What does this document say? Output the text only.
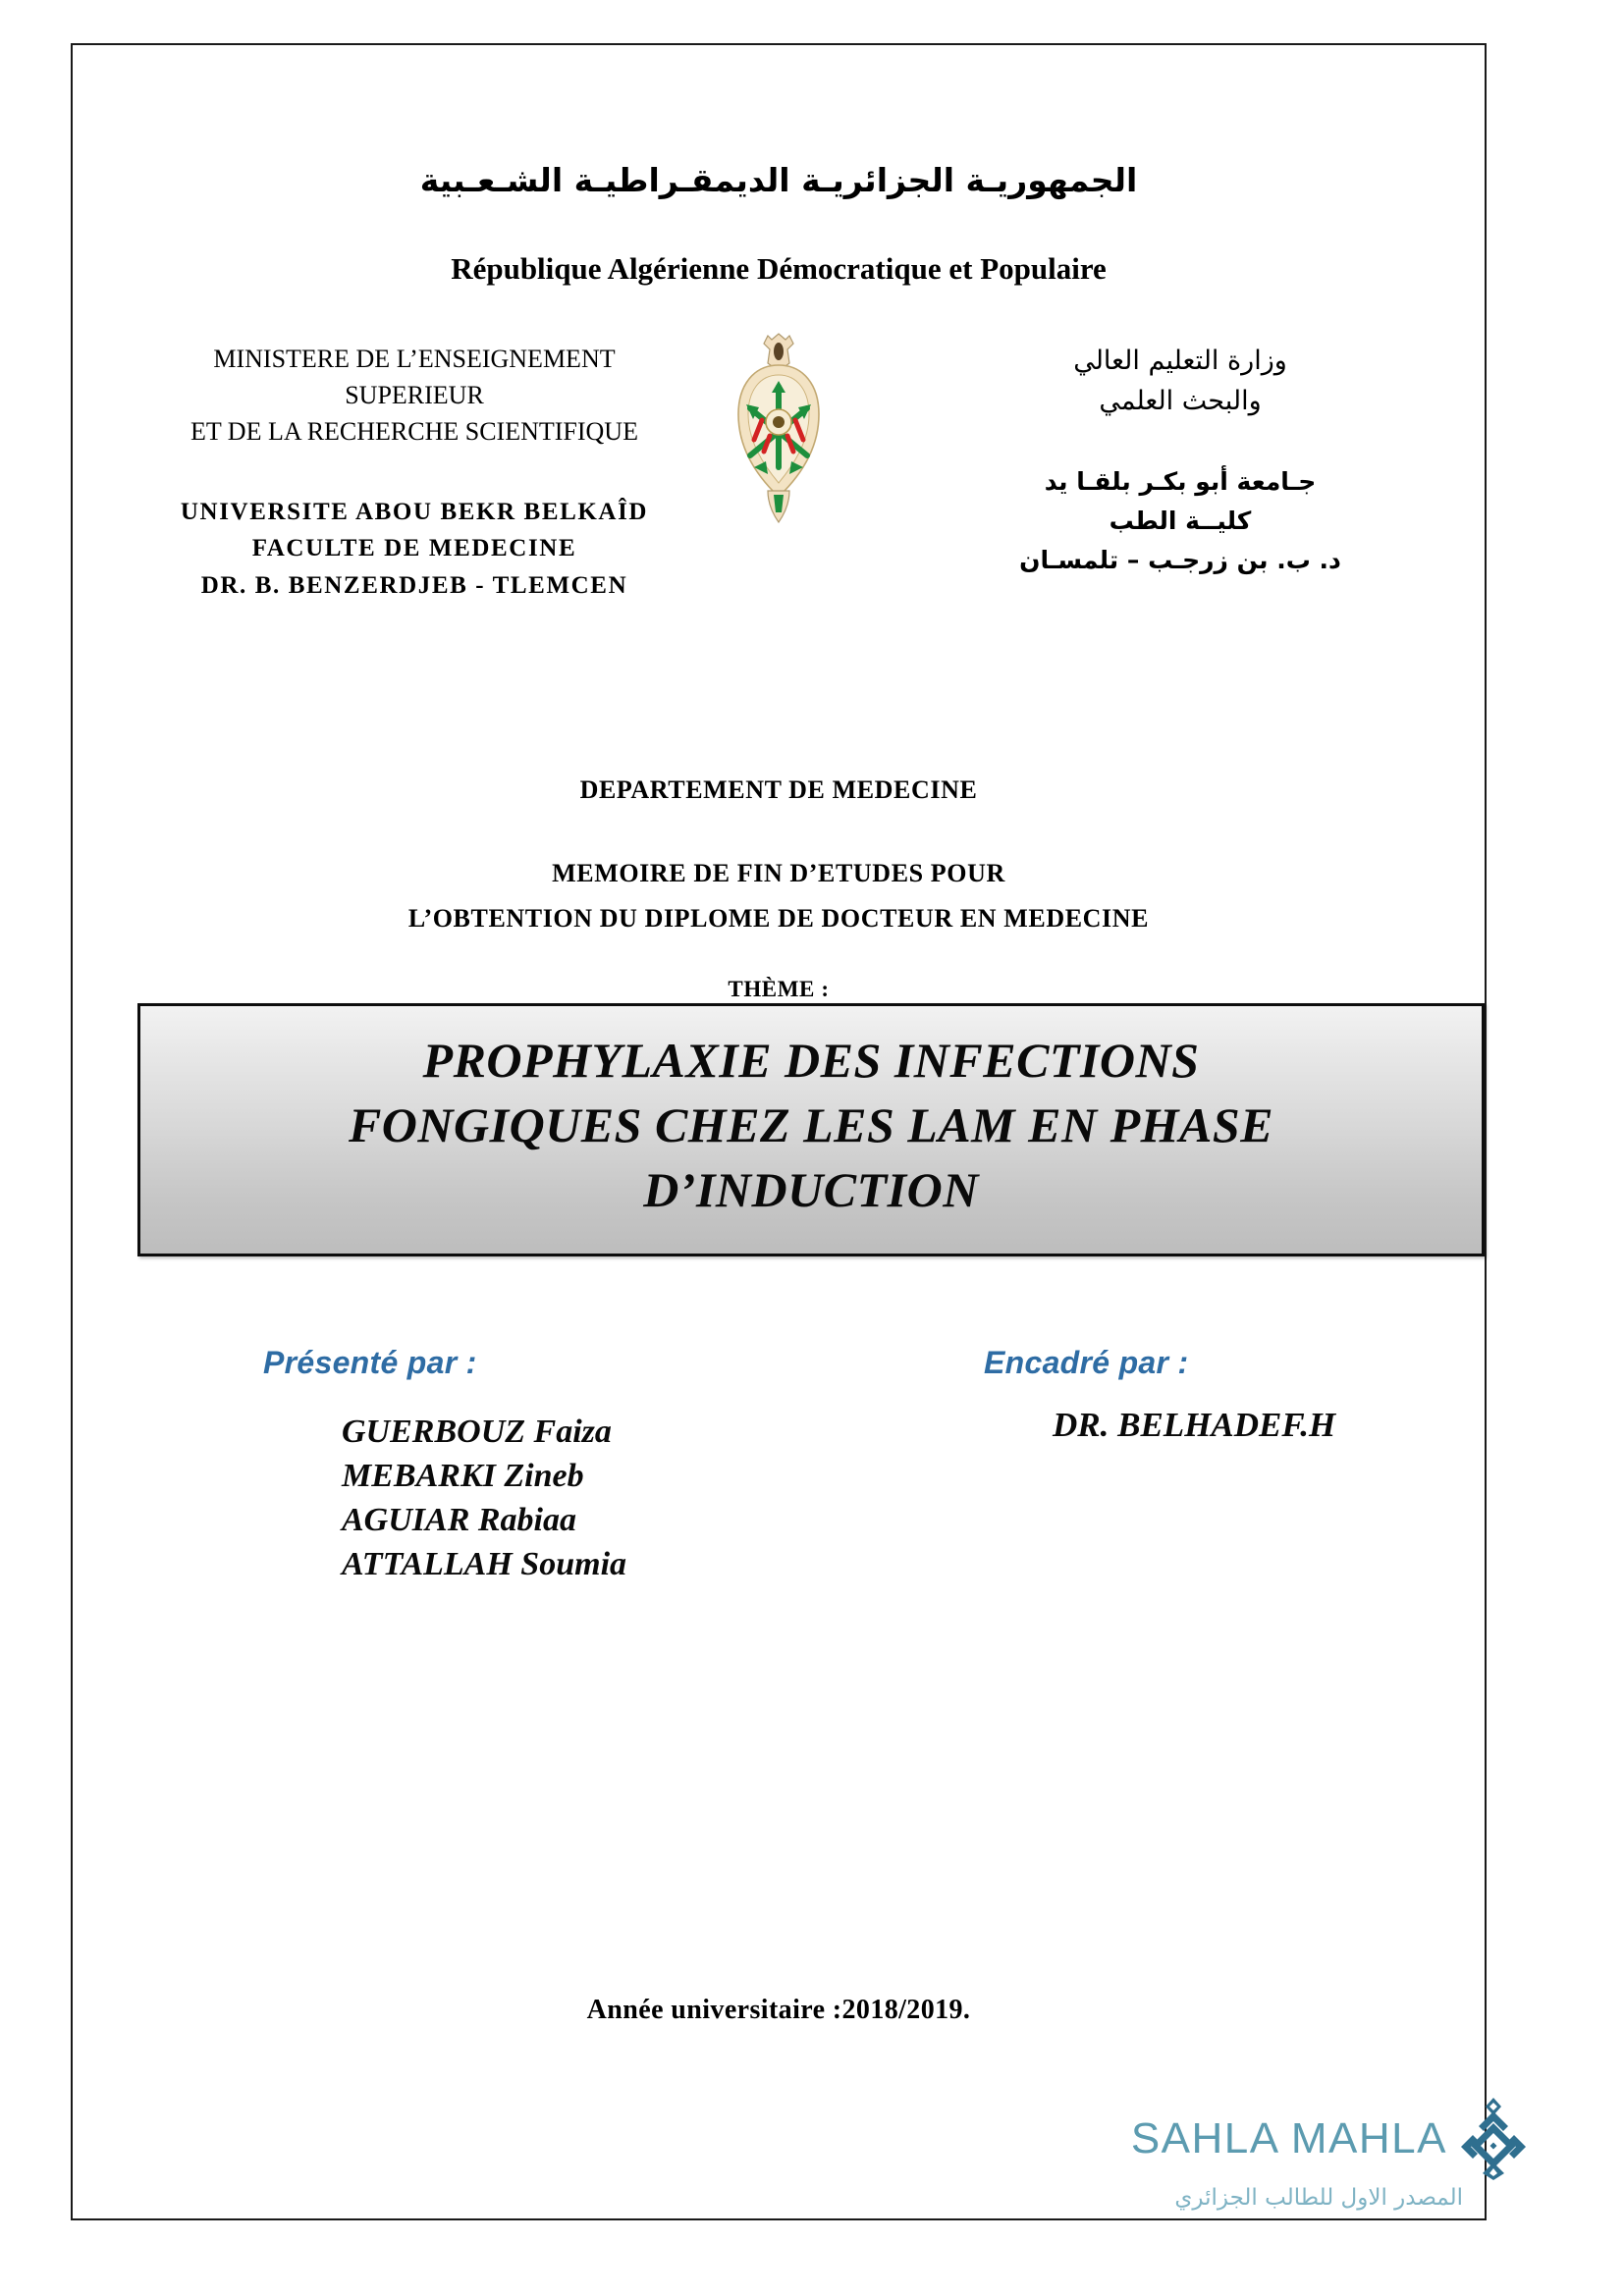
الجمهوريـة الجزائريـة الديمقـراطيـة الشـعـبية
République Algérienne Démocratique et Populaire
MINISTERE DE L’ENSEIGNEMENT
SUPERIEUR
ET DE LA RECHERCHE SCIENTIFIQUE
UNIVERSITE ABOU BEKR BELKAÎD
FACULTE DE MEDECINE
DR. B. BENZERDJEB - TLEMCEN
وزارة التعليم العالي
والبحث العلمي
جـامعة أبو بكـر بلقـا يد
كليــة الطب
د. ب. بن زرجـب – تلمسـان
DEPARTEMENT DE MEDECINE
MEMOIRE DE FIN D’ETUDES POUR
L’OBTENTION DU DIPLOME DE DOCTEUR EN MEDECINE
THÈME :
PROPHYLAXIE DES INFECTIONS
FONGIQUES CHEZ LES LAM EN PHASE
D’INDUCTION
Présenté par :
GUERBOUZ Faiza
MEBARKI Zineb
AGUIAR Rabiaa
ATTALLAH Soumia
Encadré par :
DR. BELHADEF.H
Année universitaire :2018/2019.
SAHLA MAHLA
المصدر الاول للطالب الجزائري
